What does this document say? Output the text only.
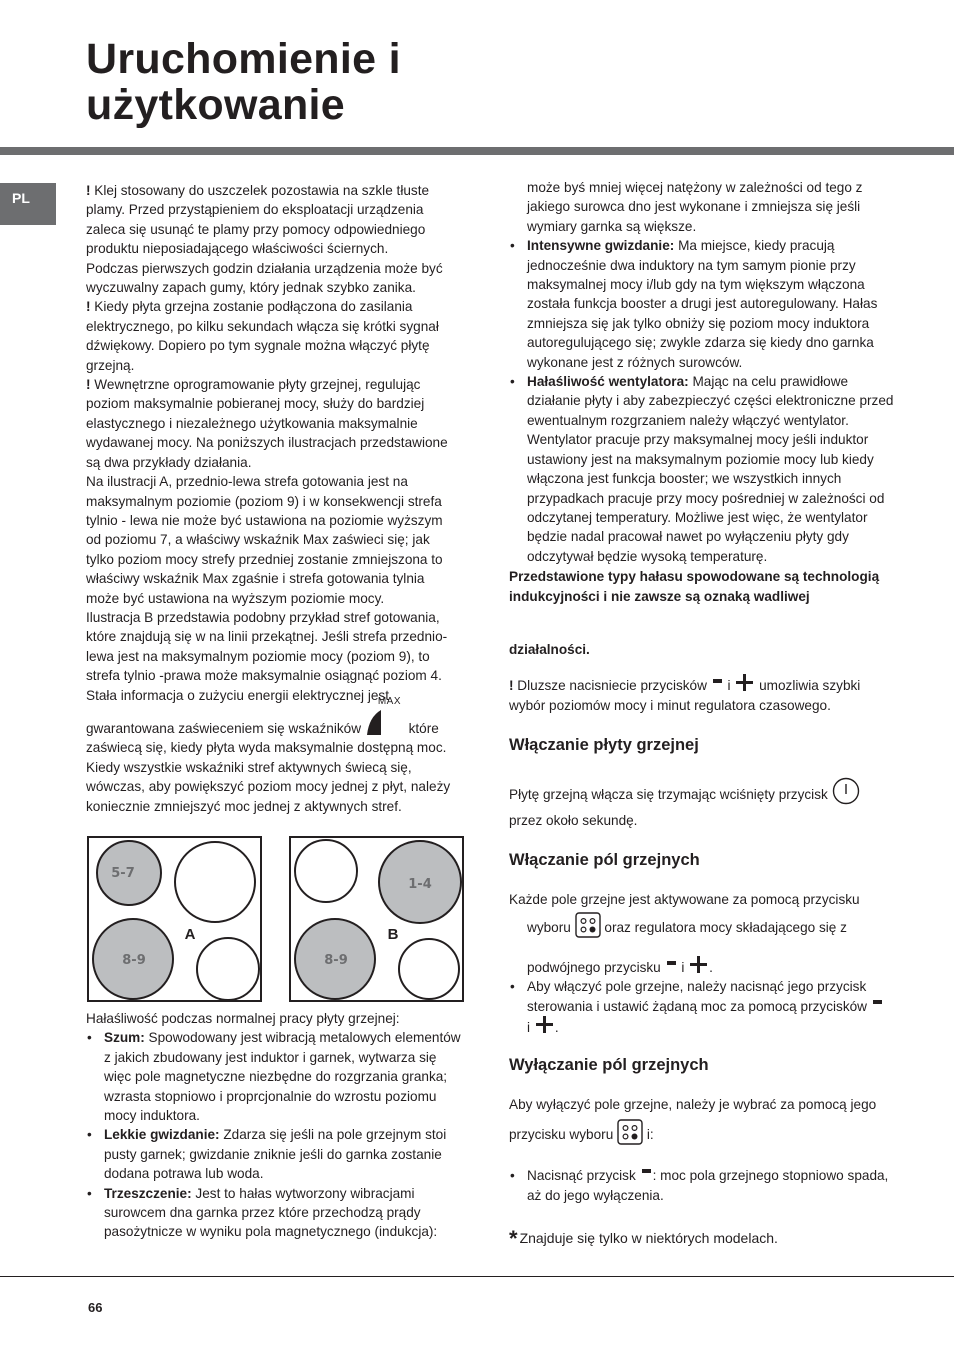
Uruchomienie i
użytkowanie
PL	! Klej stosowany do uszczelek pozostawia na szkle tłuste plamy. Przed przystąpieniem do eksploatacji urządzenia zaleca się usunąć te plamy przy pomocy odpowiedniego produktu nieposiadającego właściwości ściernych.

Podczas pierwszych godzin działania urządzenia może być wyczuwalny zapach gumy, który jednak szybko zanika.

! Kiedy płyta grzejna zostanie podłączona do zasilania elektrycznego, po kilku sekundach włącza się krótki sygnał dźwiękowy. Dopiero po tym sygnale można włączyć płytę grzejną.

! Wewnętrzne oprogramowanie płyty grzejnej, regulując poziom maksymalnie pobieranej mocy, służy do bardziej elastycznego i niezależnego użytkowania maksymalnie wydawanej mocy. Na poniższych ilustracjach przedstawione są dwa przykłady działania.

Na ilustracji A, przednio-lewa strefa gotowania jest na maksymalnym poziomie (poziom 9) i w konsekwencji strefa tylnio - lewa nie może być ustawiona na poziomie wyższym od poziomu 7, a właściwy wskaźnik Max zaświeci się; jak tylko poziom mocy strefy przedniej zostanie zmniejszona to właściwy wskaźnik Max zgaśnie i strefa gotowania tylnia może być ustawiona na wyższym poziomie mocy.

Ilustracja B przedstawia podobny przykład stref gotowania, które znajdują się w na linii przekątnej. Jeśli strefa przednio-lewa jest na maksymalnym poziomie mocy (poziom 9), to strefa tylnio -prawa może maksymalnie osiągnąć poziom 4.

Stała informacja o zużyciu energii elektrycznej jest

gwarantowana zaświeceniem się wskaźników
MAX
które zaświecą się, kiedy płyta wyda maksymalnie dostępną moc. Kiedy wszystkie wskaźniki stref aktywnych świecą się, wówczas, aby powiększyć poziom mocy jednej z płyt, należy koniecznie zmniejszyć moc jednej z aktywnych stref.

5-7
8-9
A
1-4
8-9
B

Hałaśliwość podczas normalnej pracy płyty grzejnej:

• Szum: Spowodowany jest wibracją metalowych elementów z jakich zbudowany jest induktor i garnek, wytwarza się więc pole magnetyczne niezbędne do rozgrzania granka; wzrasta stopniowo i proprcjonalnie do wzrostu poziomu mocy induktora.
• Lekkie gwizdanie: Zdarza się jeśli na pole grzejnym stoi pusty garnek; gwizdanie zniknie jeśli do garnka zostanie dodana potrawa lub woda.
• Trzeszczenie: Jest to hałas wytworzony wibracjami surowcem dna garnka przez które przechodzą prądy pasożytnicze w wyniku pola magnetycznego (indukcja):

może byś mniej więcej natężony w zależności od tego z jakiego surowca dno jest wykonane i zmniejsza się jeśli wymiary garnka są większe.

• Intensywne gwizdanie: Ma miejsce, kiedy pracują jednocześnie dwa induktory na tym samym pionie przy maksymalnej mocy i/lub gdy na tym większym włączona została funkcja booster a drugi jest autoregulowany. Hałas zmniejsza się jak tylko obniży się poziom mocy induktora autoregulującego się; zwykle zdarza się kiedy dno garnka wykonane jest z różnych surowców.
• Hałaśliwość wentylatora: Mając na celu prawidłowe działanie płyty i aby zabezpieczyć części elektroniczne przed ewentualnym rozgrzaniem należy włączyć wentylator. Wentylator pracuje przy maksymalnej mocy jeśli induktor ustawiony jest na maksymalnym poziomie mocy lub kiedy włączona jest funkcja booster; we wszystkich innych przypadkach pracuje przy mocy pośredniej w zależności od odczytanej temperatury. Możliwe jest więc, że wentylator będzie nadal pracował nawet po wyłączeniu płyty gdy odczytywał będzie wysoką temperaturę.

Przedstawione typy hałasu spowodowane są technologią indukcyjności i nie zawsze są oznaką wadliwej

działalności.

! Dluzsze nacisniecie przycisków i umozliwia szybki wybór poziomów mocy i minut regulatora czasowego.

Włączanie płyty grzejnej

Płytę grzejną włącza się trzymając wciśnięty przycisk
przez około sekundę.

Włączanie pól grzejnych

Każde pole grzejne jest aktywowane za pomocą przycisku

wyboru oraz regulatora mocy składającego się z

podwójnego przycisku i .

• Aby włączyć pole grzejne, należy nacisnąć jego przycisk sterowania i ustawić żądaną moc za pomocą przycisków
i .
Wyłączanie pól grzejnych

Aby wyłączyć pole grzejne, należy je wybrać za pomocą jego

przycisku wyboru i:

• Nacisnąć przycisk : moc pola grzejnego stopniowo spada, aż do jego wyłączenia.
* Znajduje się tylko w niektórych modelach.
66
